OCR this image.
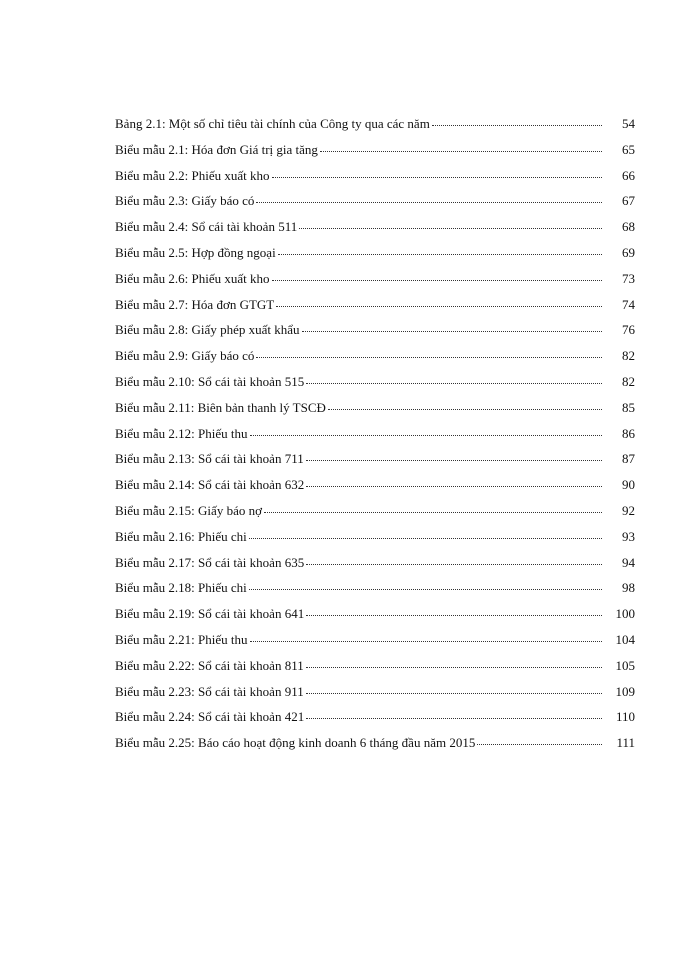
Bảng 2.1: Một số chỉ tiêu tài chính của Công ty qua các năm	54
Biểu mẫu 2.1: Hóa đơn Giá trị gia tăng	65
Biểu mẫu 2.2: Phiếu xuất kho	66
Biểu mẫu 2.3: Giấy báo có	67
Biểu mẫu 2.4: Sổ cái tài khoản 511	68
Biểu mẫu 2.5: Hợp đồng ngoại	69
Biểu mẫu 2.6: Phiếu xuất kho	73
Biểu mẫu 2.7: Hóa đơn GTGT	74
Biểu mẫu 2.8: Giấy phép xuất khẩu	76
Biểu mẫu 2.9: Giấy báo có	82
Biểu mẫu 2.10: Sổ cái tài khoản 515	82
Biểu mẫu 2.11: Biên bản thanh lý TSCĐ	85
Biểu mẫu 2.12: Phiếu thu	86
Biểu mẫu 2.13: Sổ cái tài khoản 711	87
Biểu mẫu 2.14: Sổ cái tài khoản 632	90
Biểu mẫu 2.15: Giấy báo nợ	92
Biểu mẫu 2.16: Phiếu chi	93
Biểu mẫu 2.17: Sổ cái tài khoản 635	94
Biểu mẫu 2.18: Phiếu chi	98
Biểu mẫu 2.19: Sổ cái tài khoản 641	100
Biểu mẫu 2.21: Phiếu thu	104
Biểu mẫu 2.22: Sổ cái tài khoản 811	105
Biểu mẫu 2.23: Sổ cái tài khoản 911	109
Biểu mẫu 2.24: Sổ cái tài khoản 421	110
Biểu mẫu 2.25: Báo cáo hoạt động kinh doanh 6 tháng đầu năm 2015	111
